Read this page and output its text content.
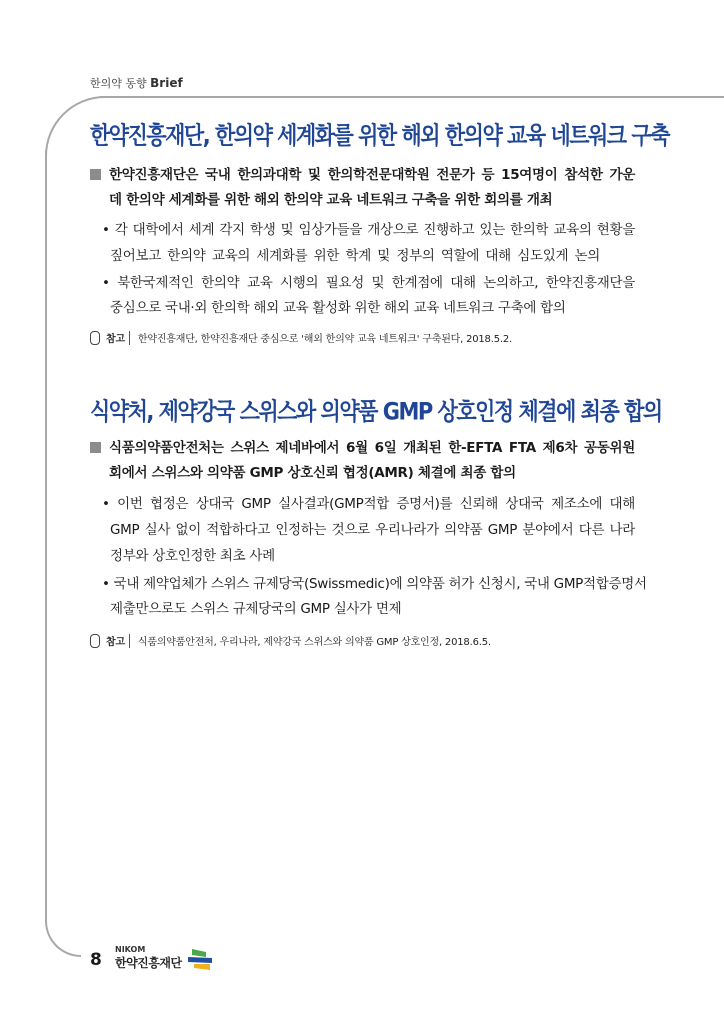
한의약 동향 Brief
한약진흥재단, 한의약 세계화를 위한 해외 한의약 교육 네트워크 구축
한약진흥재단은 국내 한의과대학 및 한의학전문대학원 전문가 등 15여명이 참석한 가운
데 한의약 세계화를 위한 해외 한의약 교육 네트워크 구축을 위한 회의를 개최
• 각 대학에서 세계 각지 학생 및 임상가들을 개상으로 진행하고 있는 한의학 교육의 현황을
짚어보고 한의약 교육의 세계화를 위한 학계 및 정부의 역할에 대해 심도있게 논의
• 북한국제적인 한의약 교육 시행의 필요성 및 한계점에 대해 논의하고, 한약진흥재단을
중심으로 국내·외 한의학 해외 교육 활성화 위한 해외 교육 네트워크 구축에 합의
참고 한약진흥재단, 한약진흥재단 중심으로 '해외 한의약 교육 네트워크' 구축된다, 2018.5.2.
식약처, 제약강국 스위스와 의약품 GMP 상호인정 체결에 최종 합의
식품의약품안전처는 스위스 제네바에서 6월 6일 개최된 한-EFTA FTA 제6차 공동위원
회에서 스위스와 의약품 GMP 상호신뢰 협정(AMR) 체결에 최종 합의
• 이번 협정은 상대국 GMP 실사결과(GMP적합 증명서)를 신뢰해 상대국 제조소에 대해
GMP 실사 없이 적합하다고 인정하는 것으로 우리나라가 의약품 GMP 분야에서 다른 나라
정부와 상호인정한 최초 사례
• 국내 제약업체가 스위스 규제당국(Swissmedic)에 의약품 허가 신청시, 국내 GMP적합증명서
제출만으로도 스위스 규제당국의 GMP 실사가 면제
참고 식품의약품안전처, 우리나라, 제약강국 스위스와 의약품 GMP 상호인정, 2018.6.5.
8
NIKOM
한약진흥재단
